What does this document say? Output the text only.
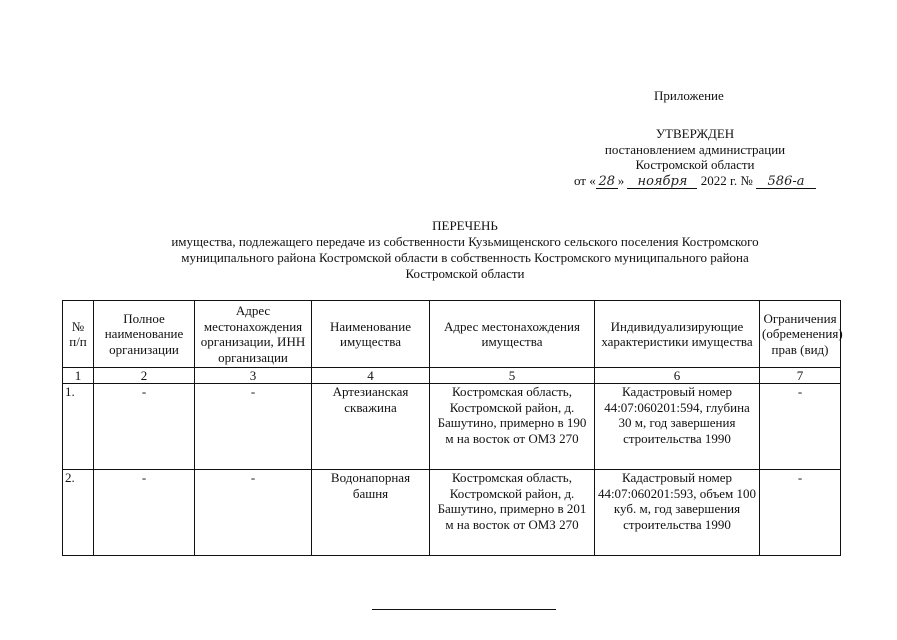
Приложение
УТВЕРЖДЕН
постановлением администрации
Костромской области
от « 28 » ноября 2022 г. № 586-а
ПЕРЕЧЕНЬ
имущества, подлежащего передаче из собственности Кузьмищенского сельского поселения Костромского
муниципального района Костромской области в собственность Костромского муниципального района
Костромской области
№ п/п	Полное наименование организации	Адрес местонахождения организации, ИНН организации	Наименование имущества	Адрес местонахождения имущества	Индивидуализирующие характеристики имущества	Ограничения (обременения) прав (вид)
1	2	3	4	5	6	7
1.	-	-	Артезианская скважина	Костромская область, Костромской район, д. Башутино, примерно в 190 м на восток от ОМЗ 270	Кадастровый номер 44:07:060201:594, глубина 30 м, год завершения строительства 1990	-
2.	-	-	Водонапорная башня	Костромская область, Костромской район, д. Башутино, примерно в 201 м на восток от ОМЗ 270	Кадастровый номер 44:07:060201:593, объем 100 куб. м, год завершения строительства 1990	-
